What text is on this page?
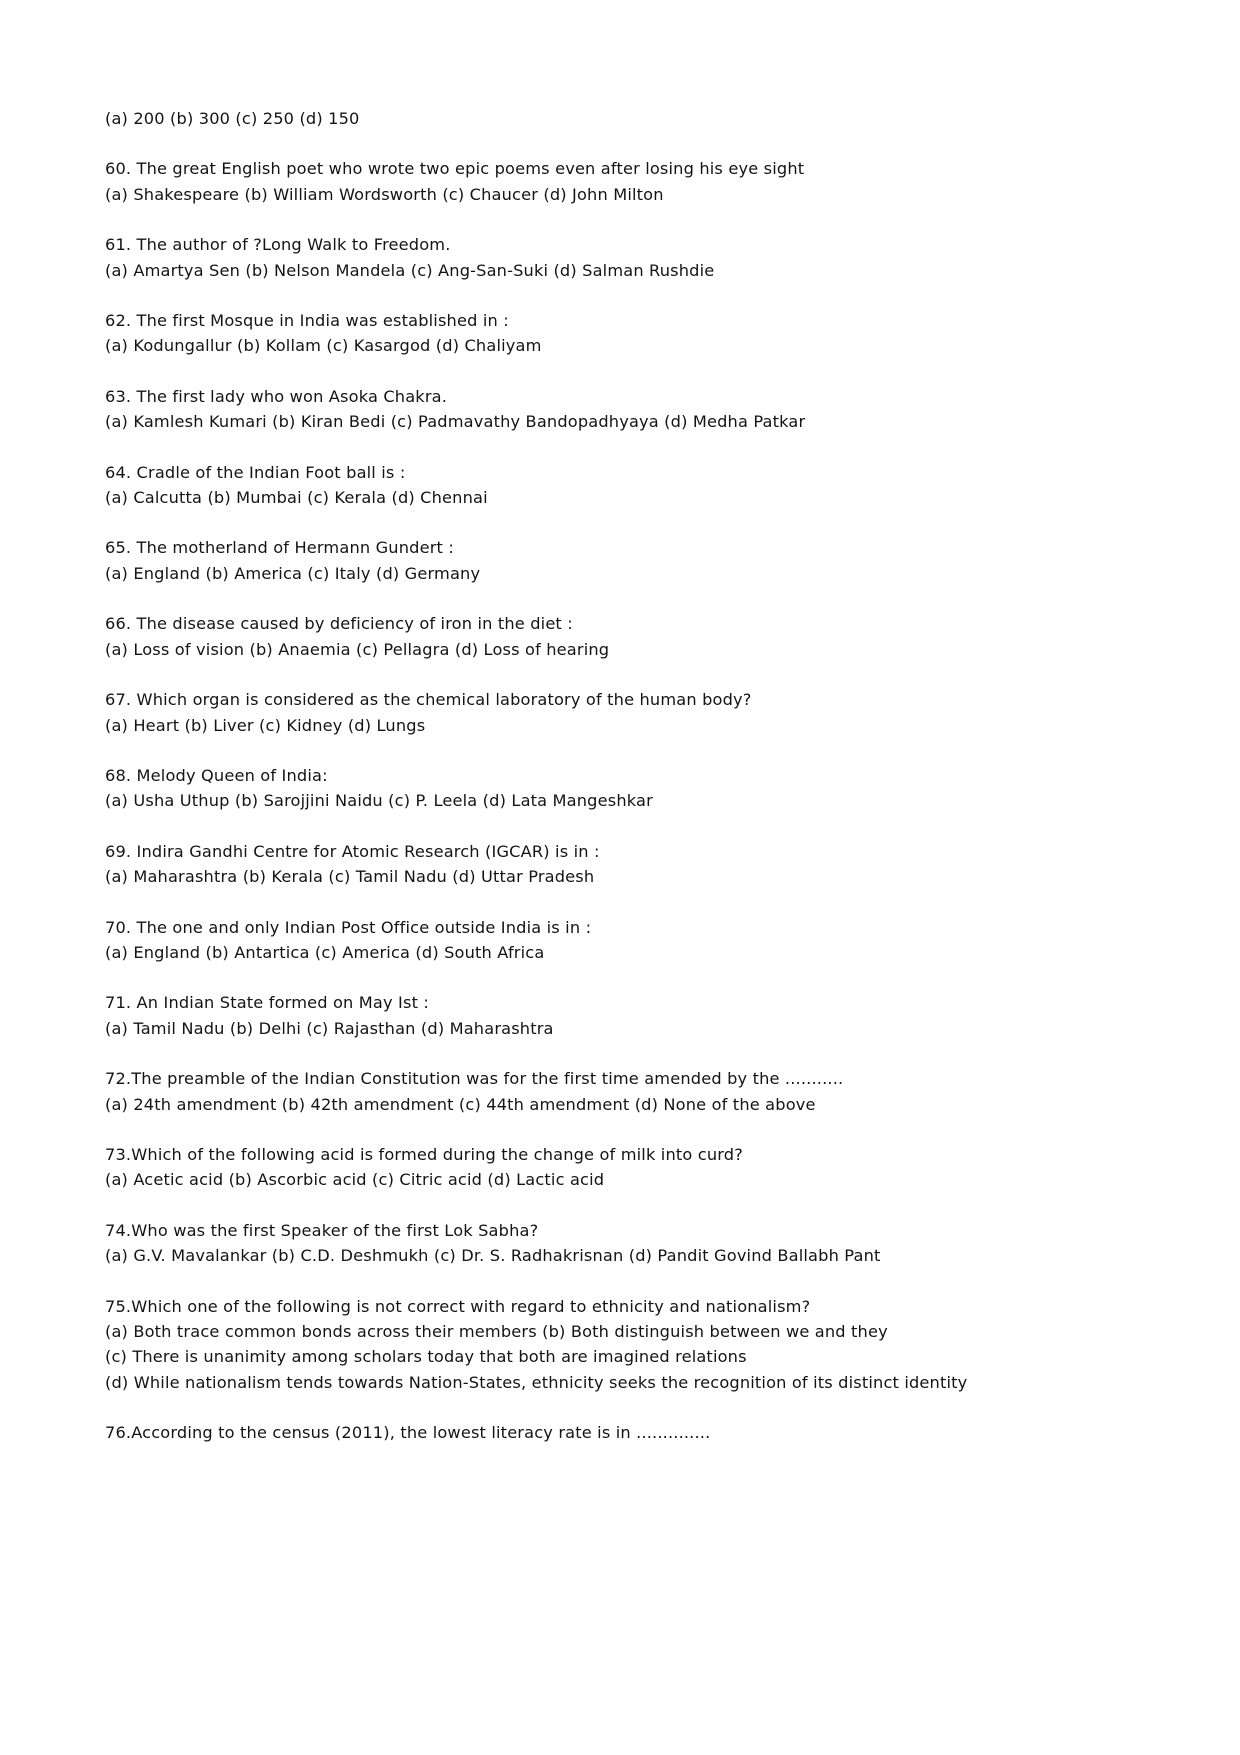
(a) 200 (b) 300 (c) 250 (d) 150
60. The great English poet who wrote two epic poems even after losing his eye sight
(a) Shakespeare (b) William Wordsworth (c) Chaucer (d) John Milton
61. The author of ?Long Walk to Freedom.
(a) Amartya Sen (b) Nelson Mandela (c) Ang-San-Suki (d) Salman Rushdie
62. The first Mosque in India was established in :
(a) Kodungallur (b) Kollam (c) Kasargod (d) Chaliyam
63. The first lady who won Asoka Chakra.
(a) Kamlesh Kumari (b) Kiran Bedi (c) Padmavathy Bandopadhyaya (d) Medha Patkar
64. Cradle of the Indian Foot ball is :
(a) Calcutta (b) Mumbai (c) Kerala (d) Chennai
65. The motherland of Hermann Gundert :
(a) England (b) America (c) Italy (d) Germany
66. The disease caused by deficiency of iron in the diet :
(a) Loss of vision (b) Anaemia (c) Pellagra (d) Loss of hearing
67. Which organ is considered as the chemical laboratory of the human body?
(a) Heart (b) Liver (c) Kidney (d) Lungs
68. Melody Queen of India:
(a) Usha Uthup (b) Sarojjini Naidu (c) P. Leela (d) Lata Mangeshkar
69. Indira Gandhi Centre for Atomic Research (IGCAR) is in :
(a) Maharashtra (b) Kerala (c) Tamil Nadu (d) Uttar Pradesh
70. The one and only Indian Post Office outside India is in :
(a) England (b) Antartica (c) America (d) South Africa
71. An Indian State formed on May Ist :
(a) Tamil Nadu (b) Delhi (c) Rajasthan (d) Maharashtra
72.The preamble of the Indian Constitution was for the first time amended by the ...........
(a) 24th amendment (b) 42th amendment (c) 44th amendment (d) None of the above
73.Which of the following acid is formed during the change of milk into curd?
(a) Acetic acid (b) Ascorbic acid (c) Citric acid (d) Lactic acid
74.Who was the first Speaker of the first Lok Sabha?
(a) G.V. Mavalankar (b) C.D. Deshmukh (c) Dr. S. Radhakrisnan (d) Pandit Govind Ballabh Pant
75.Which one of the following is not correct with regard to ethnicity and nationalism?
(a) Both trace common bonds across their members (b) Both distinguish between we and they
(c) There is unanimity among scholars today that both are imagined relations
(d) While nationalism tends towards Nation-States, ethnicity seeks the recognition of its distinct identity
76.According to the census (2011), the lowest literacy rate is in ..............
